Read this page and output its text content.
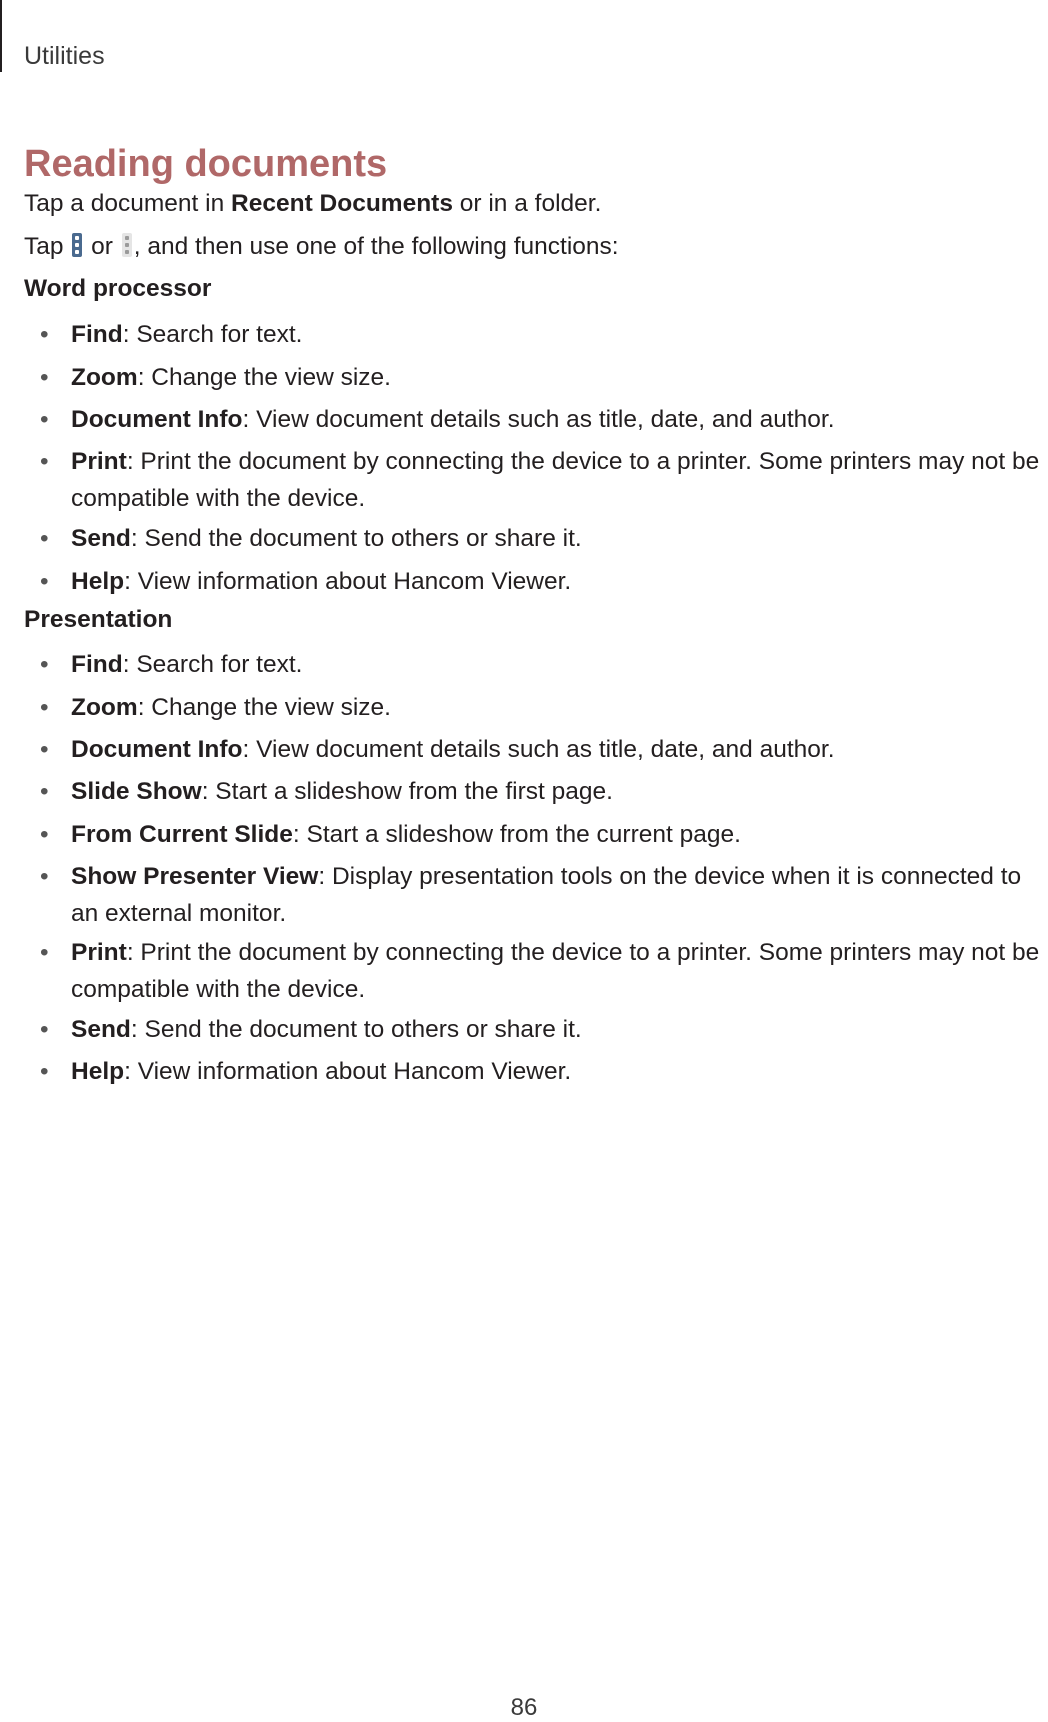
Utilities
Reading documents
Tap a document in Recent Documents or in a folder.
Tap
or
, and then use one of the following functions:
Word processor
• Find: Search for text.
• Zoom: Change the view size.
• Document Info: View document details such as title, date, and author.
• Print: Print the document by connecting the device to a printer. Some printers may not be compatible with the device.
• Send: Send the document to others or share it.
• Help: View information about Hancom Viewer.
Presentation
• Find: Search for text.
• Zoom: Change the view size.
• Document Info: View document details such as title, date, and author.
• Slide Show: Start a slideshow from the first page.
• From Current Slide: Start a slideshow from the current page.
• Show Presenter View: Display presentation tools on the device when it is connected to an external monitor.
• Print: Print the document by connecting the device to a printer. Some printers may not be compatible with the device.
• Send: Send the document to others or share it.
• Help: View information about Hancom Viewer.
86
